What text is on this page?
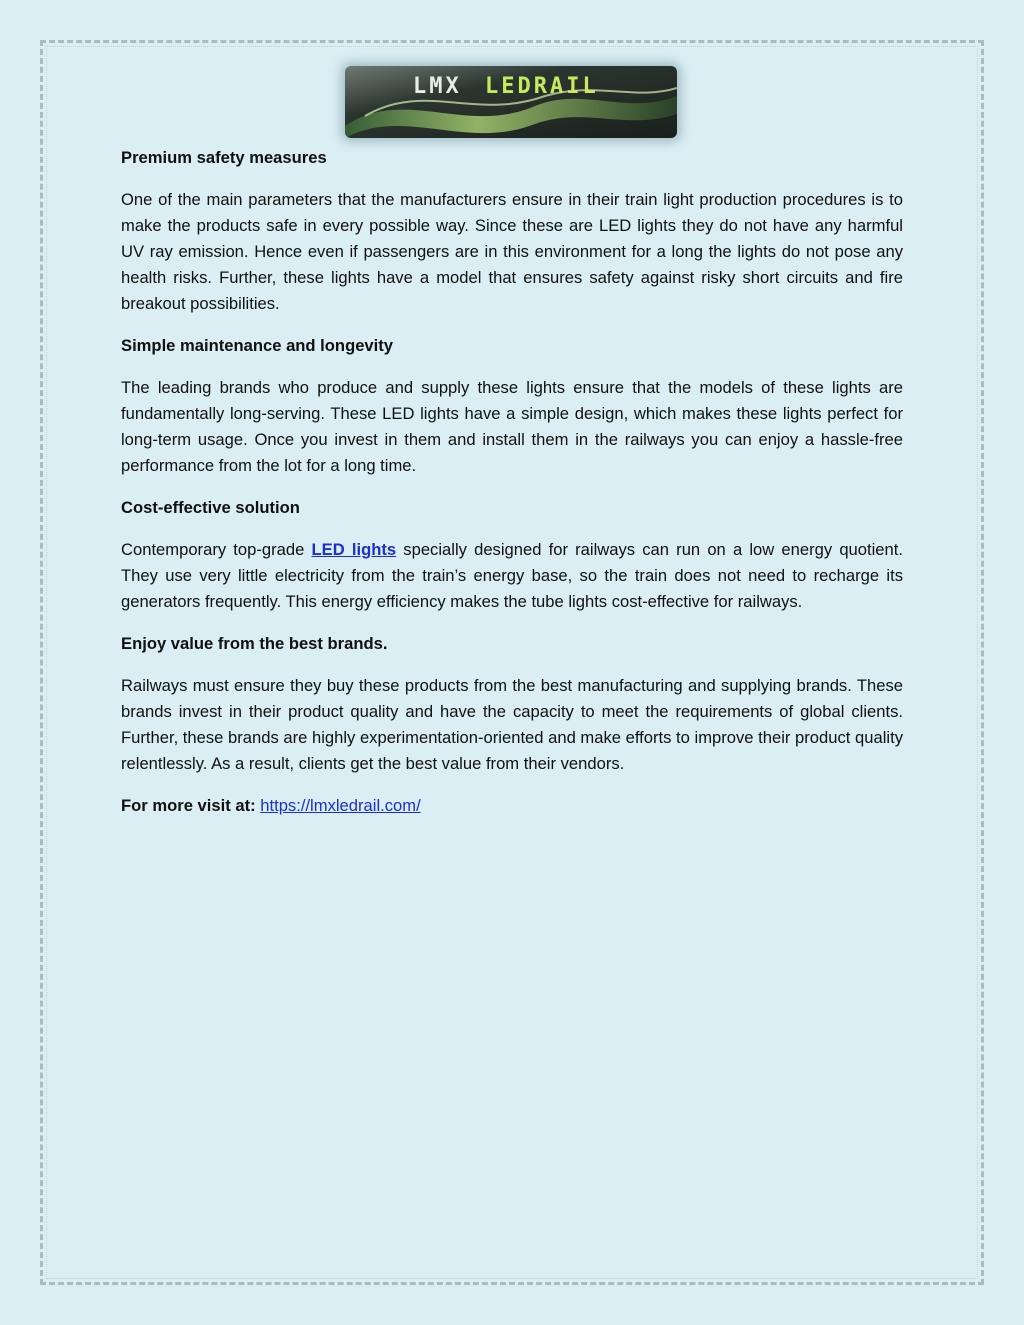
LMX LEDRAIL
Premium safety measures

One of the main parameters that the manufacturers ensure in their train light production procedures is to make the products safe in every possible way. Since these are LED lights they do not have any harmful UV ray emission. Hence even if passengers are in this environment for a long the lights do not pose any health risks. Further, these lights have a model that ensures safety against risky short circuits and fire breakout possibilities.

Simple maintenance and longevity

The leading brands who produce and supply these lights ensure that the models of these lights are fundamentally long-serving. These LED lights have a simple design, which makes these lights perfect for long-term usage. Once you invest in them and install them in the railways you can enjoy a hassle-free performance from the lot for a long time.

Cost-effective solution

Contemporary top-grade LED lights specially designed for railways can run on a low energy quotient. They use very little electricity from the train’s energy base, so the train does not need to recharge its generators frequently. This energy efficiency makes the tube lights cost-effective for railways.

Enjoy value from the best brands.

Railways must ensure they buy these products from the best manufacturing and supplying brands. These brands invest in their product quality and have the capacity to meet the requirements of global clients. Further, these brands are highly experimentation-oriented and make efforts to improve their product quality relentlessly. As a result, clients get the best value from their vendors.

For more visit at: https://lmxledrail.com/
